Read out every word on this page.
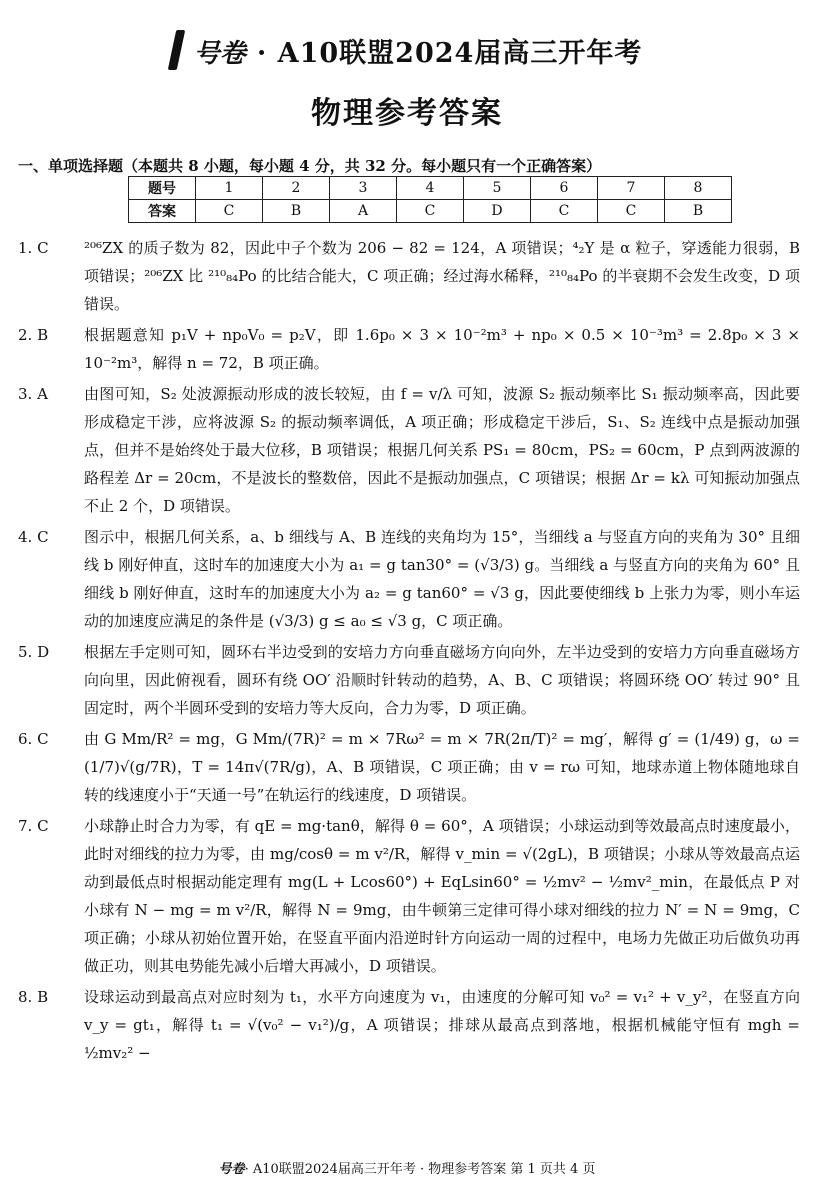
号卷 · A10联盟2024届高三开年考
物理参考答案
一、单项选择题（本题共 8 小题，每小题 4 分，共 32 分。每小题只有一个正确答案）
题号	1	2	3	4	5	6	7	8
答案	C	B	A	C	D	C	C	B
1. C	²⁰⁶ZX 的质子数为 82，因此中子个数为 206 − 82 = 124，A 项错误；⁴₂Y 是 α 粒子，穿透能力很弱，B 项错误；²⁰⁶ZX 比 ²¹⁰₈₄Po 的比结合能大，C 项正确；经过海水稀释，²¹⁰₈₄Po 的半衰期不会发生改变，D 项错误。
2. B	根据题意知 p₁V + np₀V₀ = p₂V，即 1.6p₀ × 3 × 10⁻²m³ + np₀ × 0.5 × 10⁻³m³ = 2.8p₀ × 3 × 10⁻²m³，解得 n = 72，B 项正确。
3. A	由图可知，S₂ 处波源振动形成的波长较短，由 f = v/λ 可知，波源 S₂ 振动频率比 S₁ 振动频率高，因此要形成稳定干涉，应将波源 S₂ 的振动频率调低，A 项正确；形成稳定干涉后，S₁、S₂ 连线中点是振动加强点，但并不是始终处于最大位移，B 项错误；根据几何关系 PS₁ = 80cm，PS₂ = 60cm，P 点到两波源的路程差 Δr = 20cm，不是波长的整数倍，因此不是振动加强点，C 项错误；根据 Δr = kλ 可知振动加强点不止 2 个，D 项错误。
4. C	图示中，根据几何关系，a、b 细线与 A、B 连线的夹角均为 15°，当细线 a 与竖直方向的夹角为 30° 且细线 b 刚好伸直，这时车的加速度大小为 a₁ = g tan30° = (√3/3) g。当细线 a 与竖直方向的夹角为 60° 且细线 b 刚好伸直，这时车的加速度大小为 a₂ = g tan60° = √3 g，因此要使细线 b 上张力为零，则小车运动的加速度应满足的条件是 (√3/3) g ≤ a₀ ≤ √3 g，C 项正确。
5. D	根据左手定则可知，圆环右半边受到的安培力方向垂直磁场方向向外，左半边受到的安培力方向垂直磁场方向向里，因此俯视看，圆环有绕 OO′ 沿顺时针转动的趋势，A、B、C 项错误；将圆环绕 OO′ 转过 90° 且固定时，两个半圆环受到的安培力等大反向，合力为零，D 项正确。
6. C	由 G Mm/R² = mg，G Mm/(7R)² = m × 7Rω² = m × 7R(2π/T)² = mg′，解得 g′ = (1/49) g，ω = (1/7)√(g/7R)，T = 14π√(7R/g)，A、B 项错误，C 项正确；由 v = rω 可知，地球赤道上物体随地球自转的线速度小于“天通一号”在轨运行的线速度，D 项错误。
7. C	小球静止时合力为零，有 qE = mg·tanθ，解得 θ = 60°，A 项错误；小球运动到等效最高点时速度最小，此时对细线的拉力为零，由 mg/cosθ = m v²/R，解得 v_min = √(2gL)，B 项错误；小球从等效最高点运动到最低点时根据动能定理有 mg(L + Lcos60°) + EqLsin60° = ½mv² − ½mv²_min，在最低点 P 对小球有 N − mg = m v²/R，解得 N = 9mg，由牛顿第三定律可得小球对细线的拉力 N′ = N = 9mg，C 项正确；小球从初始位置开始，在竖直平面内沿逆时针方向运动一周的过程中，电场力先做正功后做负功再做正功，则其电势能先减小后增大再减小，D 项错误。
8. B	设球运动到最高点对应时刻为 t₁，水平方向速度为 v₁，由速度的分解可知 v₀² = v₁² + v_y²，在竖直方向 v_y = gt₁，解得 t₁ = √(v₀² − v₁²)/g，A 项错误；排球从最高点到落地，根据机械能守恒有 mgh = ½mv₂² −
号卷· A10联盟2024届高三开年考 · 物理参考答案 第 1 页共 4 页
